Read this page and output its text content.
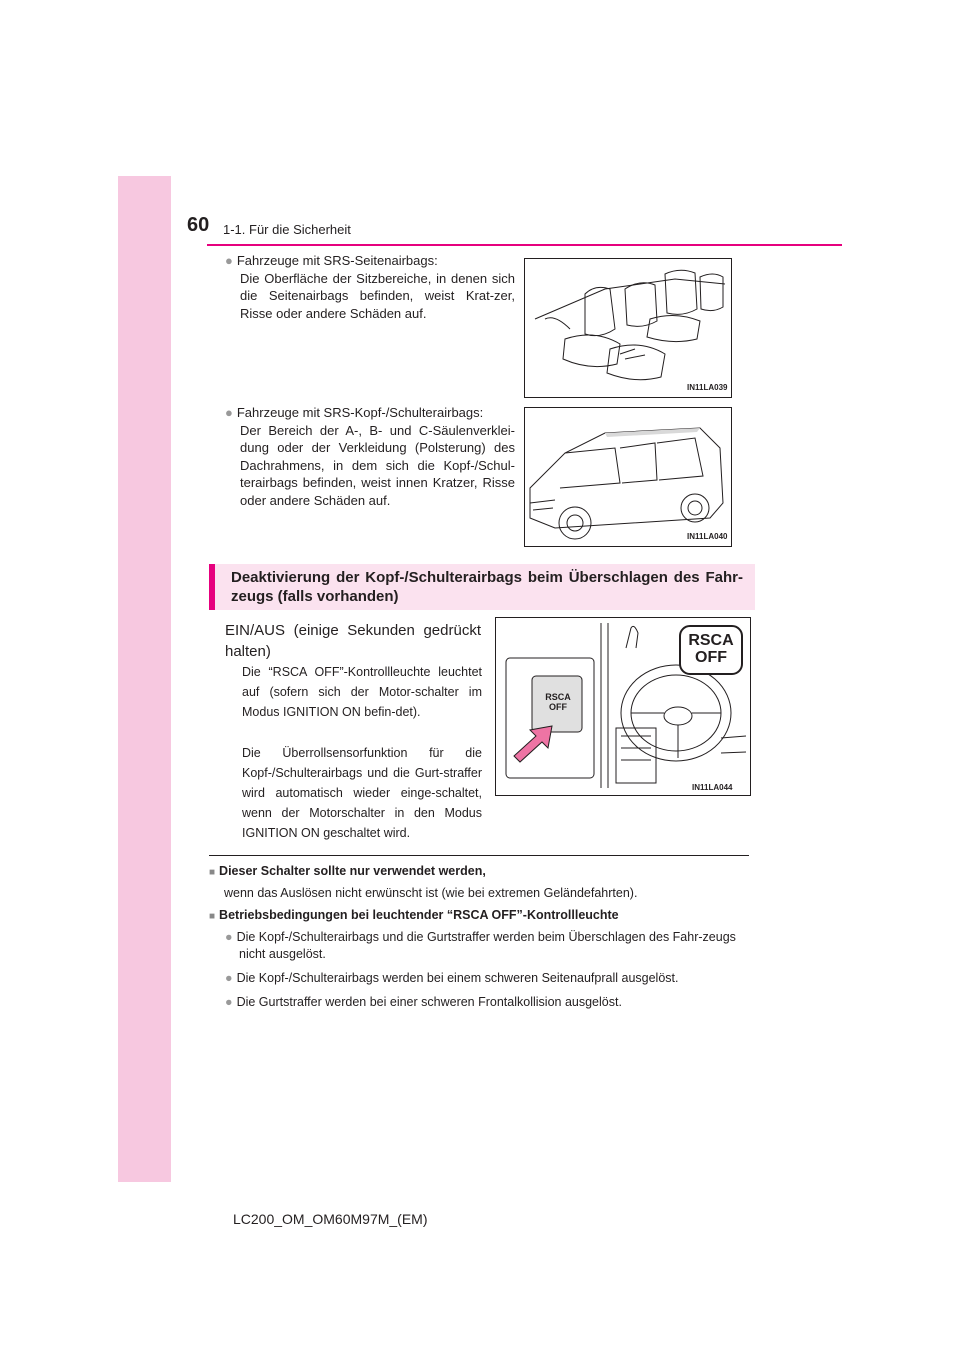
60 1-1. Für die Sicherheit
● Fahrzeuge mit SRS-Seitenairbags:
Die Oberfläche der Sitzbereiche, in denen sich die Seitenairbags befinden, weist Krat-zer, Risse oder andere Schäden auf.
IN11LA039
● Fahrzeuge mit SRS-Kopf-/Schulterairbags:
Der Bereich der A-, B- und C-Säulenverklei-dung oder der Verkleidung (Polsterung) des Dachrahmens, in dem sich die Kopf-/Schul-terairbags befinden, weist innen Kratzer, Risse oder andere Schäden auf.
IN11LA040
Deaktivierung der Kopf-/Schulterairbags beim Überschlagen des Fahr-zeugs (falls vorhanden)
EIN/AUS (einige Sekunden gedrückt halten)
Die “RSCA OFF”-Kontrollleuchte leuchtet auf (sofern sich der Motor-schalter im Modus IGNITION ON befin-det).
Die Überrollsensorfunktion für die Kopf-/Schulterairbags und die Gurt-straffer wird automatisch wieder einge-schaltet, wenn der Motorschalter in den Modus IGNITION ON geschaltet wird.
RSCA
OFF
RSCA
OFF
IN11LA044
■ Dieser Schalter sollte nur verwendet werden,
wenn das Auslösen nicht erwünscht ist (wie bei extremen Geländefahrten).
■ Betriebsbedingungen bei leuchtender “RSCA OFF”-Kontrollleuchte
● Die Kopf-/Schulterairbags und die Gurtstraffer werden beim Überschlagen des Fahr-zeugs nicht ausgelöst.
● Die Kopf-/Schulterairbags werden bei einem schweren Seitenaufprall ausgelöst.
● Die Gurtstraffer werden bei einer schweren Frontalkollision ausgelöst.
LC200_OM_OM60M97M_(EM)
